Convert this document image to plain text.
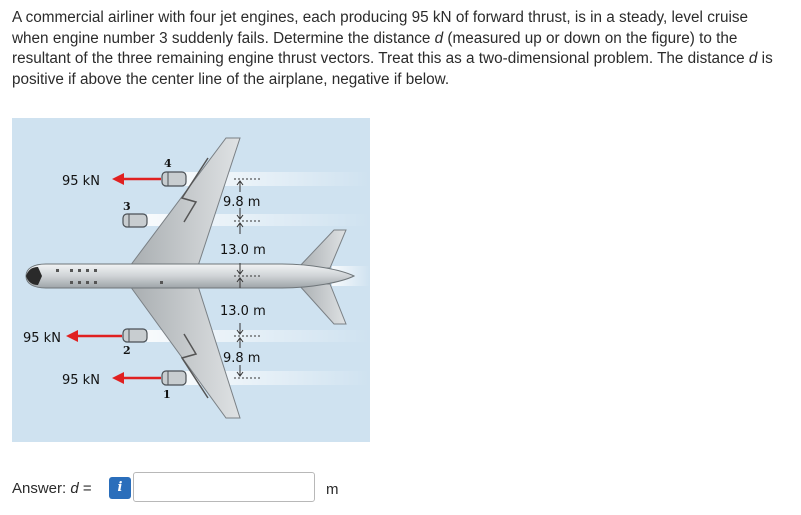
A commercial airliner with four jet engines, each producing 95 kN of forward thrust, is in a steady, level cruise when engine number 3 suddenly fails. Determine the distance d (measured up or down on the figure) to the resultant of the three remaining engine thrust vectors. Treat this as a two-dimensional problem. The distance d is positive if above the center line of the airplane, negative if below.
95 kN
95 kN
95 kN
4
3
2
1
9.8 m
13.0 m
13.0 m
9.8 m
Answer: d =	i	m
